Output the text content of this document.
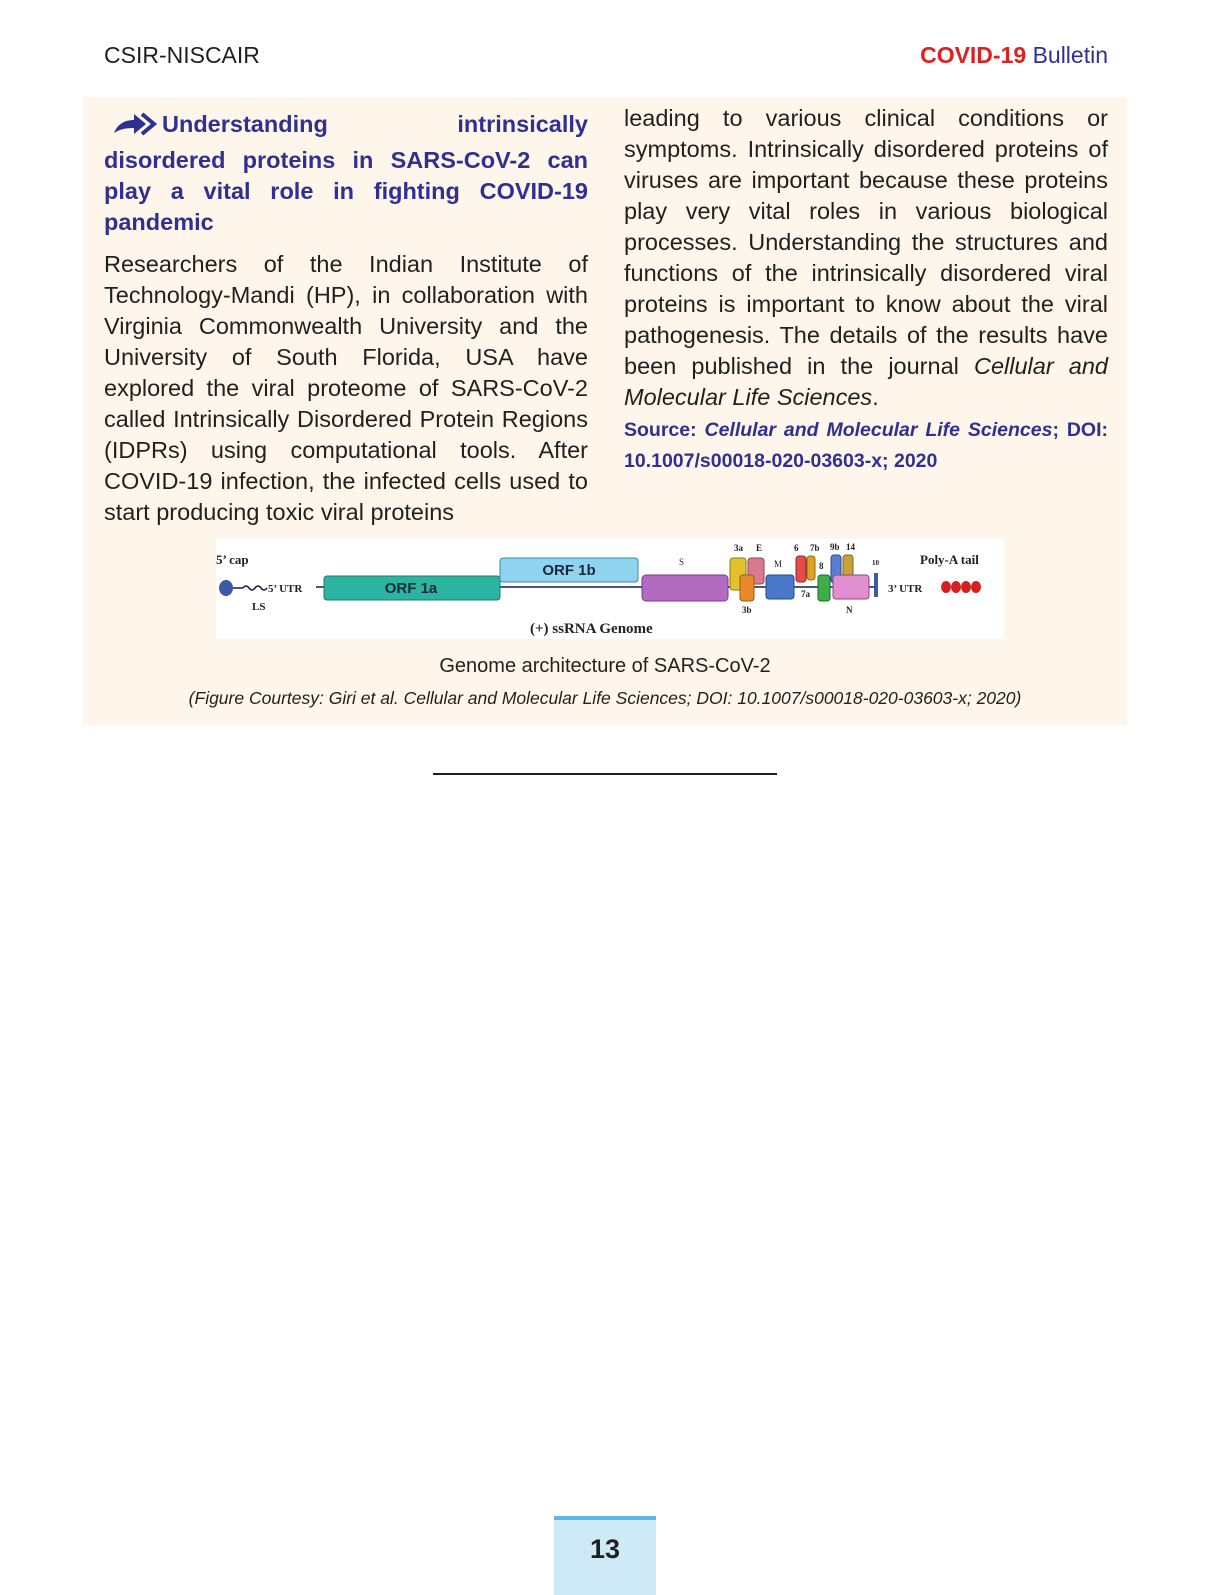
CSIR-NISCAIR	COVID-19 Bulletin
Understanding intrinsically disordered proteins in SARS-CoV-2 can play a vital role in fighting COVID-19 pandemic

Researchers of the Indian Institute of Technology-Mandi (HP), in collaboration with Virginia Commonwealth University and the University of South Florida, USA have explored the viral proteome of SARS-CoV-2 called Intrinsically Disordered Protein Regions (IDPRs) using computational tools. After COVID-19 infection, the infected cells used to start producing toxic viral proteins

leading to various clinical conditions or symptoms. Intrinsically disordered proteins of viruses are important because these proteins play very vital roles in various biological processes. Understanding the structures and functions of the intrinsically disordered viral proteins is important to know about the viral pathogenesis. The details of the results have been published in the journal Cellular and Molecular Life Sciences.

Source: Cellular and Molecular Life Sciences; DOI: 10.1007/s00018-020-03603-x; 2020
5’ cap
5’ UTR
LS
ORF 1a
ORF 1b	S
3a E
3b
M
6 7b 9b 14
8
7a
N
10	Poly-A tail
3’ UTR
(+) ssRNA Genome
Genome architecture of SARS-CoV-2
(Figure Courtesy: Giri et al. Cellular and Molecular Life Sciences; DOI: 10.1007/s00018-020-03603-x; 2020)
13
